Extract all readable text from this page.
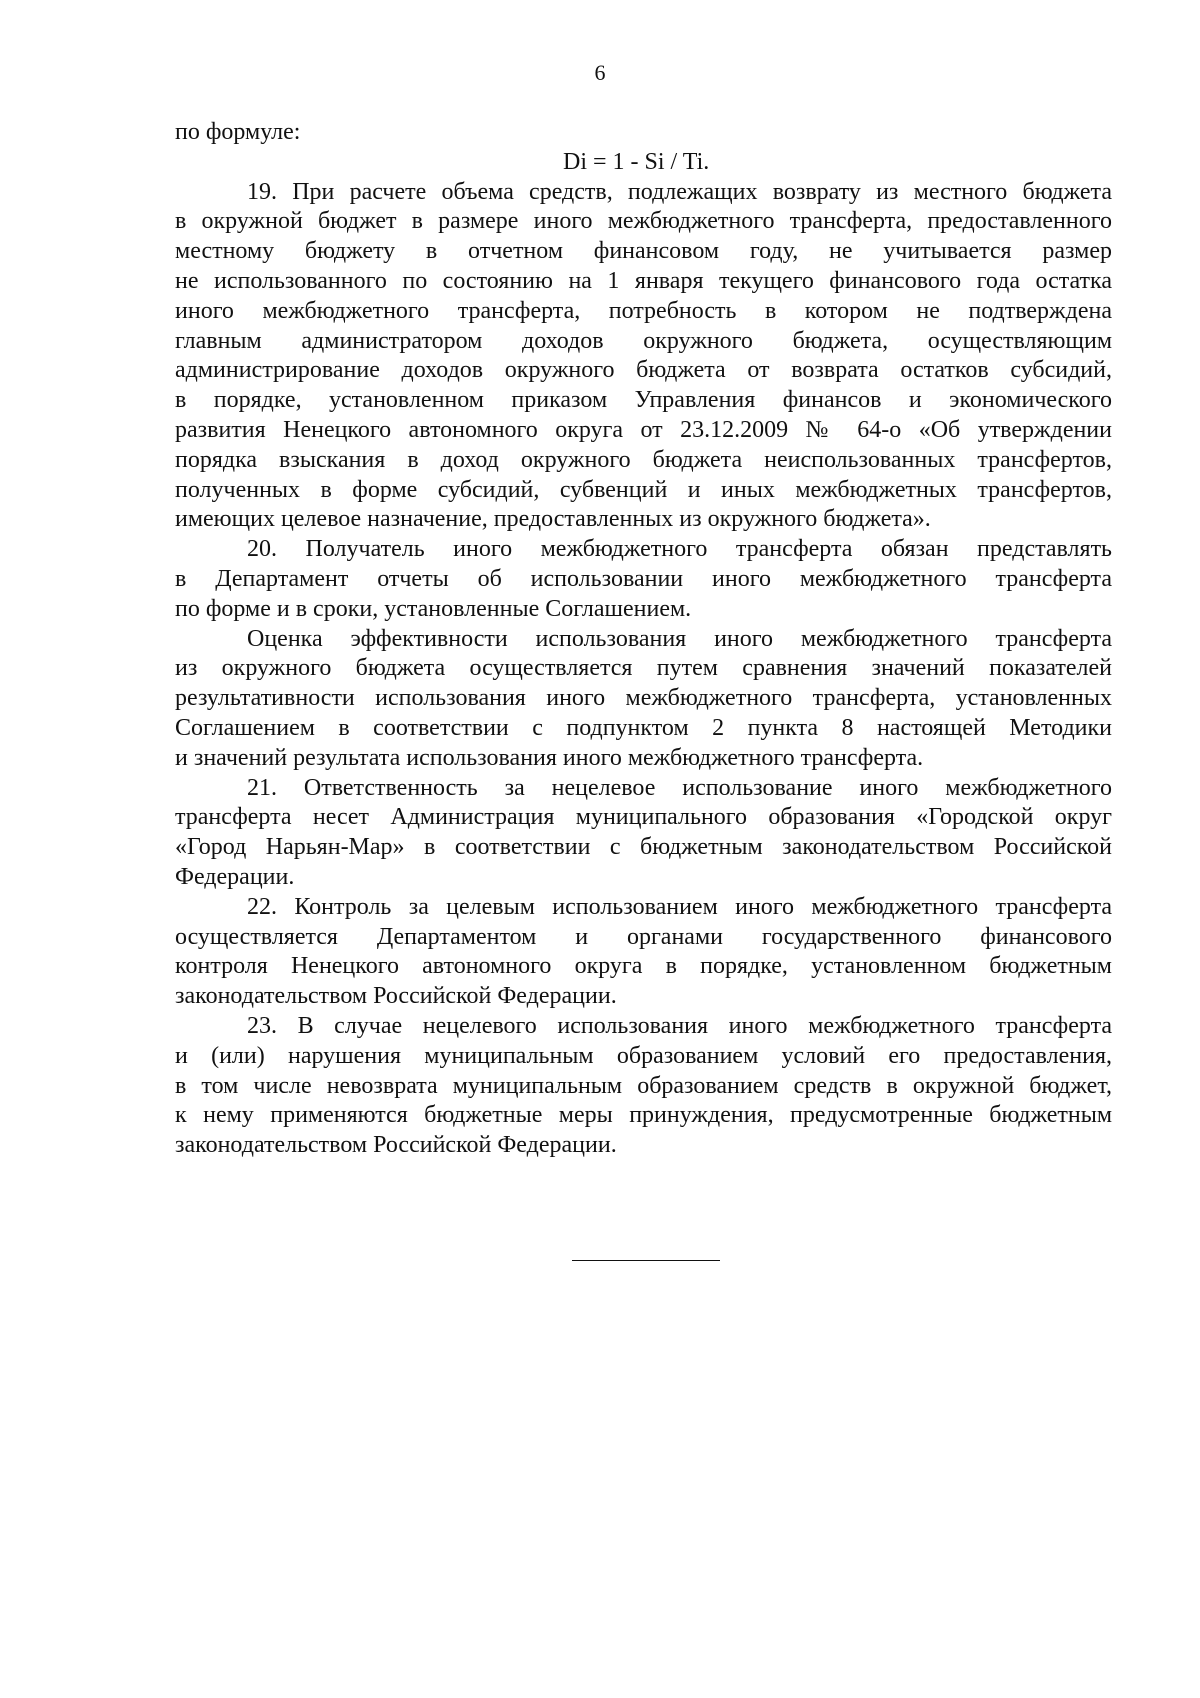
6
по формуле:
Di = 1 - Si / Ti.
19. При расчете объема средств, подлежащих возврату из местного бюджета
в окружной бюджет в размере иного межбюджетного трансферта, предоставленного
местному бюджету в отчетном финансовом году, не учитывается размер
не использованного по состоянию на 1 января текущего финансового года остатка
иного межбюджетного трансферта, потребность в котором не подтверждена
главным администратором доходов окружного бюджета, осуществляющим
администрирование доходов окружного бюджета от возврата остатков субсидий,
в порядке, установленном приказом Управления финансов и экономического
развития Ненецкого автономного округа от 23.12.2009 № 64-о «Об утверждении
порядка взыскания в доход окружного бюджета неиспользованных трансфертов,
полученных в форме субсидий, субвенций и иных межбюджетных трансфертов,
имеющих целевое назначение, предоставленных из окружного бюджета».
20. Получатель иного межбюджетного трансферта обязан представлять
в Департамент отчеты об использовании иного межбюджетного трансферта
по форме и в сроки, установленные Соглашением.
Оценка эффективности использования иного межбюджетного трансферта
из окружного бюджета осуществляется путем сравнения значений показателей
результативности использования иного межбюджетного трансферта, установленных
Соглашением в соответствии с подпунктом 2 пункта 8 настоящей Методики
и значений результата использования иного межбюджетного трансферта.
21. Ответственность за нецелевое использование иного межбюджетного
трансферта несет Администрация муниципального образования «Городской округ
«Город Нарьян-Мар» в соответствии с бюджетным законодательством Российской
Федерации.
22. Контроль за целевым использованием иного межбюджетного трансферта
осуществляется Департаментом и органами государственного финансового
контроля Ненецкого автономного округа в порядке, установленном бюджетным
законодательством Российской Федерации.
23. В случае нецелевого использования иного межбюджетного трансферта
и (или) нарушения муниципальным образованием условий его предоставления,
в том числе невозврата муниципальным образованием средств в окружной бюджет,
к нему применяются бюджетные меры принуждения, предусмотренные бюджетным
законодательством Российской Федерации.
